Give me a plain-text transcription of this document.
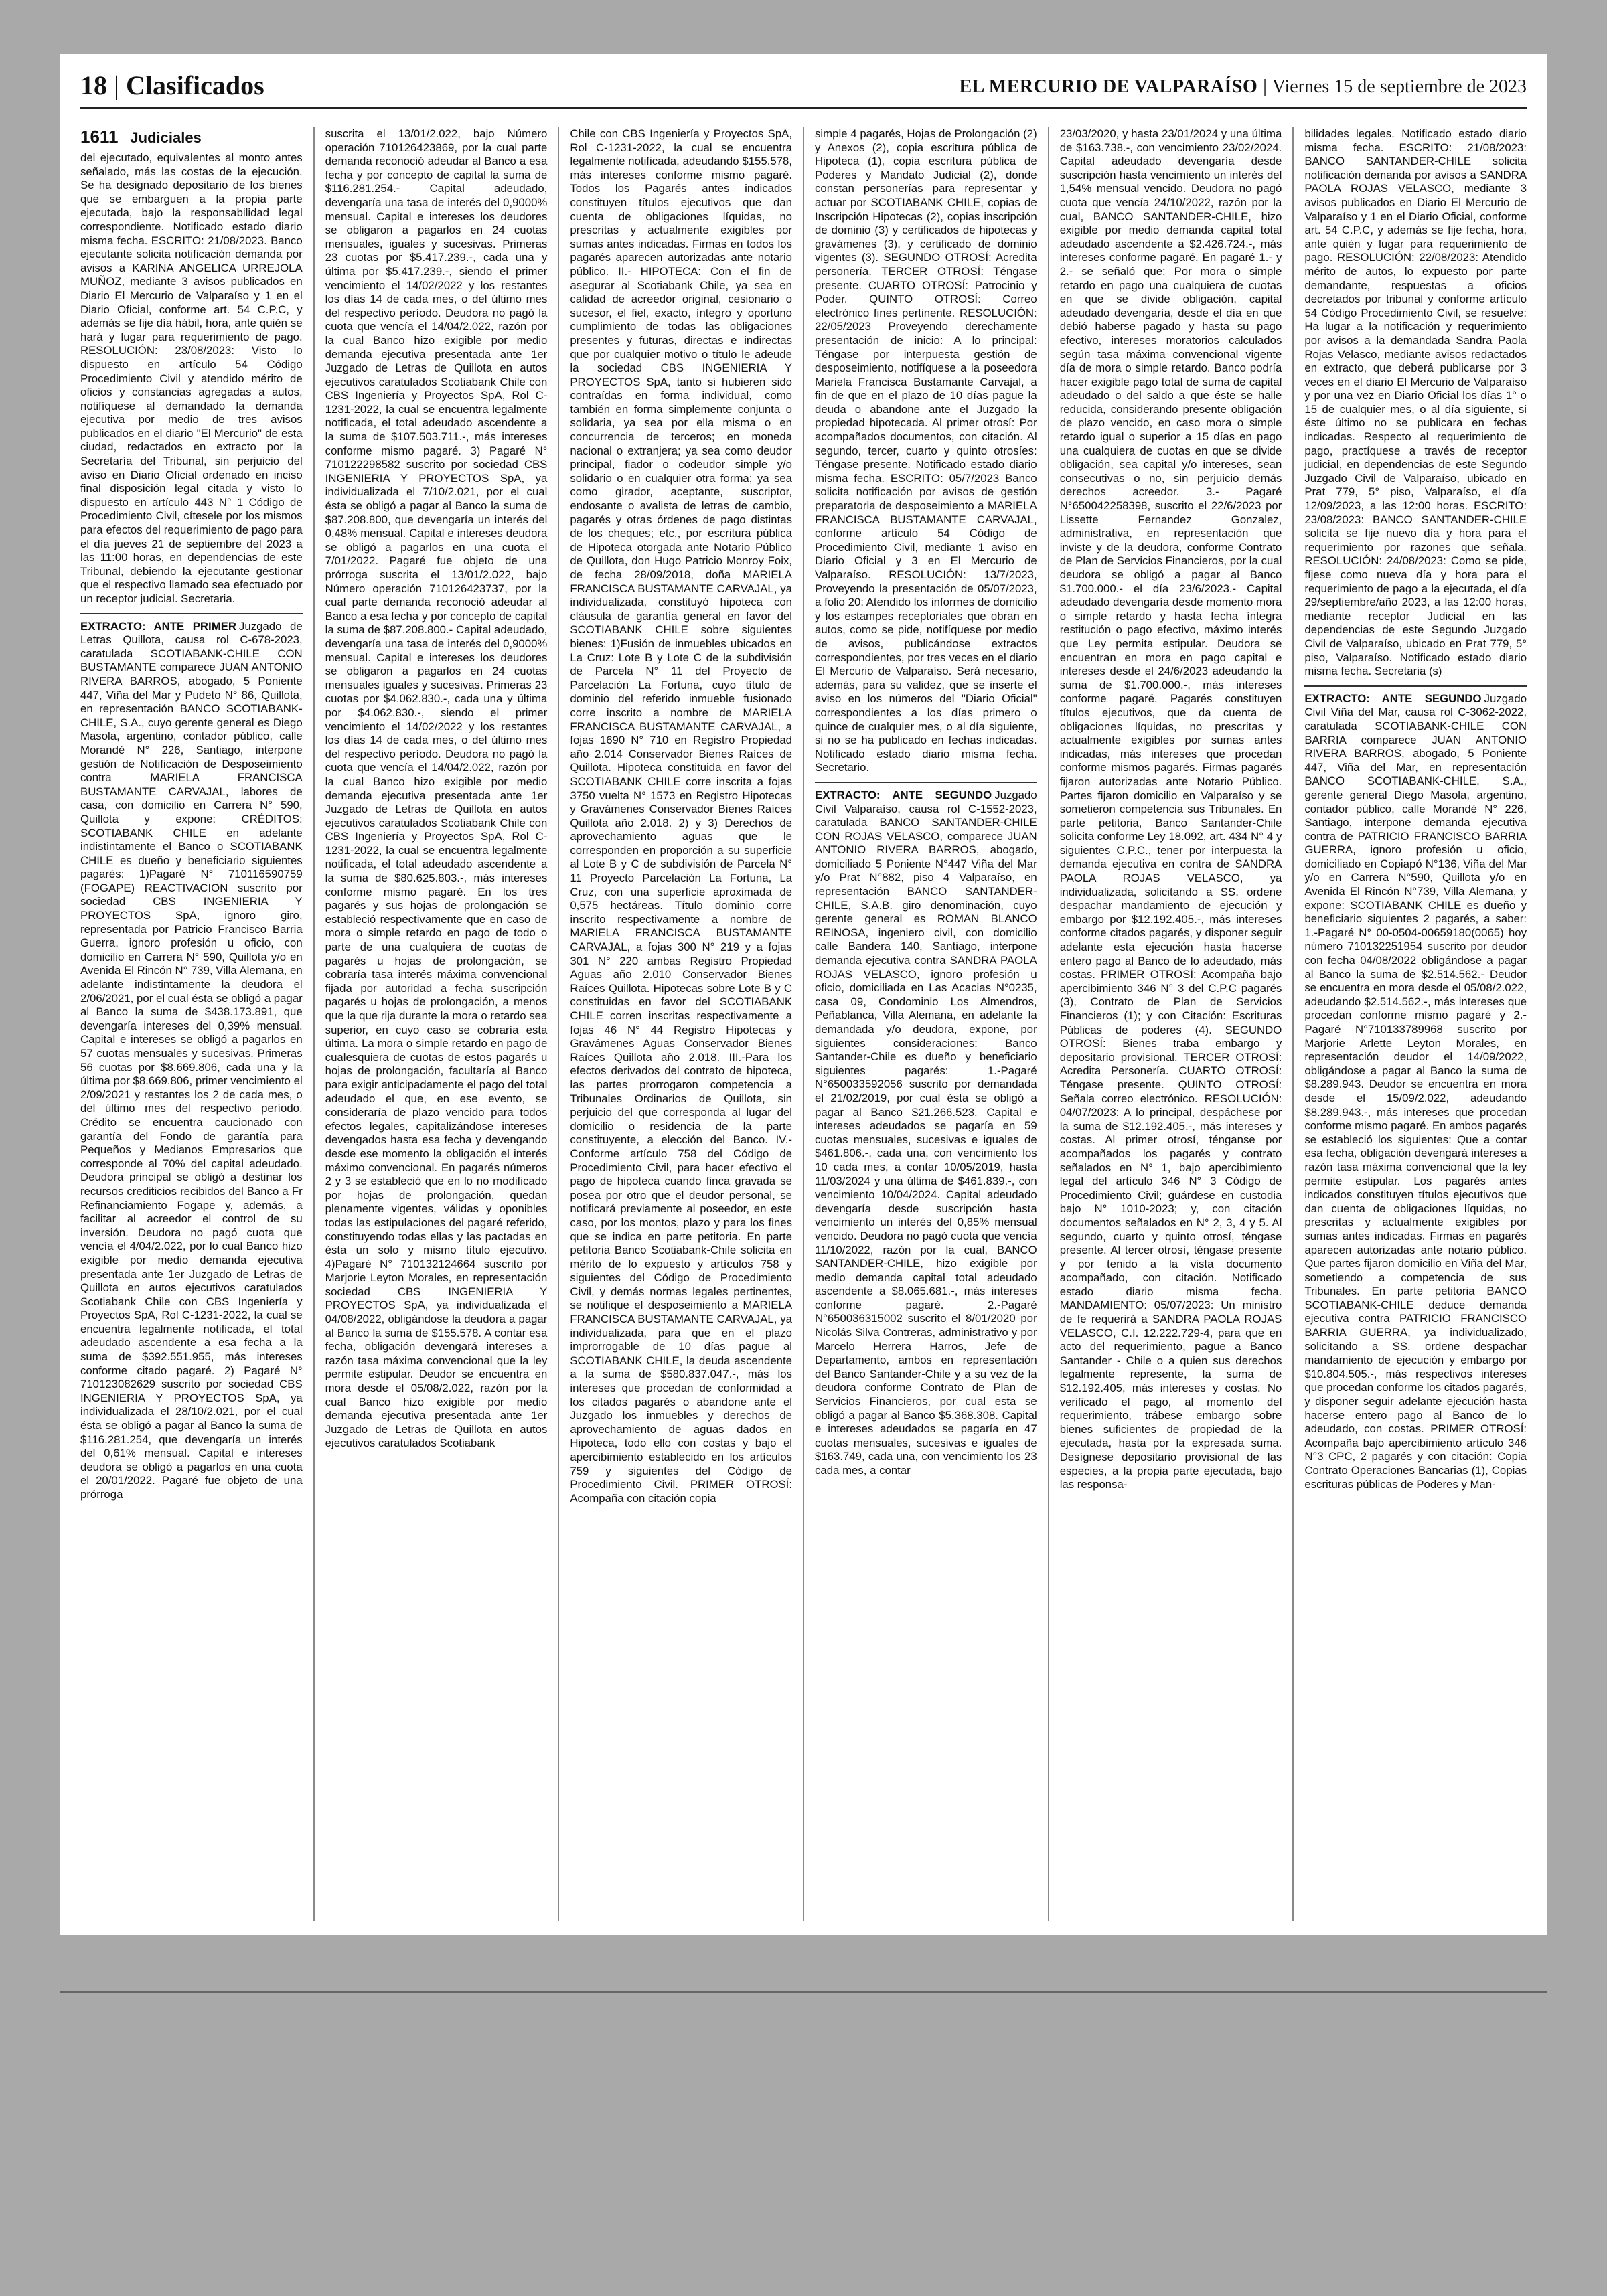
18 | Clasificados	EL MERCURIO DE VALPARAÍSO | Viernes 15 de septiembre de 2023
1611 Judiciales

del ejecutado, equivalentes al monto antes señalado, más las costas de la ejecución. Se ha designado depositario de los bienes que se embarguen a la propia parte ejecutada, bajo la responsabilidad legal correspondiente. Notificado estado diario misma fecha. ESCRITO: 21/08/2023. Banco ejecutante solicita notificación demanda por avisos a KARINA ANGELICA URREJOLA MUÑOZ, mediante 3 avisos publicados en Diario El Mercurio de Valparaíso y 1 en el Diario Oficial, conforme art. 54 C.P.C, y además se fije día hábil, hora, ante quién se hará y lugar para requerimiento de pago. RESOLUCIÓN: 23/08/2023: Visto lo dispuesto en artículo 54 Código Procedimiento Civil y atendido mérito de oficios y constancias agregadas a autos, notifíquese al demandado la demanda ejecutiva por medio de tres avisos publicados en el diario "El Mercurio" de esta ciudad, redactados en extracto por la Secretaría del Tribunal, sin perjuicio del aviso en Diario Oficial ordenado en inciso final disposición legal citada y visto lo dispuesto en artículo 443 N° 1 Código de Procedimiento Civil, cítesele por los mismos para efectos del requerimiento de pago para el día jueves 21 de septiembre del 2023 a las 11:00 horas, en dependencias de este Tribunal, debiendo la ejecutante gestionar que el respectivo llamado sea efectuado por un receptor judicial. Secretaria.

EXTRACTO: ANTE PRIMER Juzgado de Letras Quillota, causa rol C-678-2023, caratulada SCOTIABANK-CHILE CON BUSTAMANTE comparece JUAN ANTONIO RIVERA BARROS, abogado, 5 Poniente 447, Viña del Mar y Pudeto N° 86, Quillota, en representación BANCO SCOTIABANK-CHILE, S.A., cuyo gerente general es Diego Masola, argentino, contador público, calle Morandé N° 226, Santiago, interpone gestión de Notificación de Desposeimiento contra MARIELA FRANCISCA BUSTAMANTE CARVAJAL, labores de casa, con domicilio en Carrera N° 590, Quillota y expone: CRÉDITOS: SCOTIABANK CHILE en adelante indistintamente el Banco o SCOTIABANK CHILE es dueño y beneficiario siguientes pagarés: 1)Pagaré N° 710116590759 (FOGAPE) REACTIVACION suscrito por sociedad CBS INGENIERIA Y PROYECTOS SpA, ignoro giro, representada por Patricio Francisco Barria Guerra, ignoro profesión u oficio, con domicilio en Carrera N° 590, Quillota y/o en Avenida El Rincón N° 739, Villa Alemana, en adelante indistintamente la deudora el 2/06/2021, por el cual ésta se obligó a pagar al Banco la suma de $438.173.891, que devengaría intereses del 0,39% mensual. Capital e intereses se obligó a pagarlos en 57 cuotas mensuales y sucesivas. Primeras 56 cuotas por $8.669.806, cada una y la última por $8.669.806, primer vencimiento el 2/09/2021 y restantes los 2 de cada mes, o del último mes del respectivo período. Crédito se encuentra caucionado con garantía del Fondo de garantía para Pequeños y Medianos Empresarios que corresponde al 70% del capital adeudado. Deudora principal se obligó a destinar los recursos crediticios recibidos del Banco a Fr Refinanciamiento Fogape y, además, a facilitar al acreedor el control de su inversión. Deudora no pagó cuota que vencía el 4/04/2.022, por lo cual Banco hizo exigible por medio demanda ejecutiva presentada ante 1er Juzgado de Letras de Quillota en autos ejecutivos caratulados Scotiabank Chile con CBS Ingeniería y Proyectos SpA, Rol C-1231-2022, la cual se encuentra legalmente notificada, el total adeudado ascendente a esa fecha a la suma de $392.551.955, más intereses conforme citado pagaré. 2) Pagaré N° 710123082629 suscrito por sociedad CBS INGENIERIA Y PROYECTOS SpA, ya individualizada el 28/10/2.021, por el cual ésta se obligó a pagar al Banco la suma de $116.281.254, que devengaría un interés del 0,61% mensual. Capital e intereses deudora se obligó a pagarlos en una cuota el 20/01/2022. Pagaré fue objeto de una prórroga

suscrita el 13/01/2.022, bajo Número operación 710126423869, por la cual parte demanda reconoció adeudar al Banco a esa fecha y por concepto de capital la suma de $116.281.254.- Capital adeudado, devengaría una tasa de interés del 0,9000% mensual. Capital e intereses los deudores se obligaron a pagarlos en 24 cuotas mensuales, iguales y sucesivas. Primeras 23 cuotas por $5.417.239.-, cada una y última por $5.417.239.-, siendo el primer vencimiento el 14/02/2022 y los restantes los días 14 de cada mes, o del último mes del respectivo período. Deudora no pagó la cuota que vencía el 14/04/2.022, razón por la cual Banco hizo exigible por medio demanda ejecutiva presentada ante 1er Juzgado de Letras de Quillota en autos ejecutivos caratulados Scotiabank Chile con CBS Ingeniería y Proyectos SpA, Rol C-1231-2022, la cual se encuentra legalmente notificada, el total adeudado ascendente a la suma de $107.503.711.-, más intereses conforme mismo pagaré. 3) Pagaré N° 710122298582 suscrito por sociedad CBS INGENIERIA Y PROYECTOS SpA, ya individualizada el 7/10/2.021, por el cual ésta se obligó a pagar al Banco la suma de $87.208.800, que devengaría un interés del 0,48% mensual. Capital e intereses deudora se obligó a pagarlos en una cuota el 7/01/2022. Pagaré fue objeto de una prórroga suscrita el 13/01/2.022, bajo Número operación 710126423737, por la cual parte demanda reconoció adeudar al Banco a esa fecha y por concepto de capital la suma de $87.208.800.- Capital adeudado, devengaría una tasa de interés del 0,9000% mensual. Capital e intereses los deudores se obligaron a pagarlos en 24 cuotas mensuales iguales y sucesivas. Primeras 23 cuotas por $4.062.830.-, cada una y última por $4.062.830.-, siendo el primer vencimiento el 14/02/2022 y los restantes los días 14 de cada mes, o del último mes del respectivo período. Deudora no pagó la cuota que vencía el 14/04/2.022, razón por la cual Banco hizo exigible por medio demanda ejecutiva presentada ante 1er Juzgado de Letras de Quillota en autos ejecutivos caratulados Scotiabank Chile con CBS Ingeniería y Proyectos SpA, Rol C-1231-2022, la cual se encuentra legalmente notificada, el total adeudado ascendente a la suma de $80.625.803.-, más intereses conforme mismo pagaré. En los tres pagarés y sus hojas de prolongación se estableció respectivamente que en caso de mora o simple retardo en pago de todo o parte de una cualquiera de cuotas de pagarés u hojas de prolongación, se cobraría tasa interés máxima convencional fijada por autoridad a fecha suscripción pagarés u hojas de prolongación, a menos que la que rija durante la mora o retardo sea superior, en cuyo caso se cobraría esta última. La mora o simple retardo en pago de cualesquiera de cuotas de estos pagarés u hojas de prolongación, facultaría al Banco para exigir anticipadamente el pago del total adeudado el que, en ese evento, se consideraría de plazo vencido para todos efectos legales, capitalizándose intereses devengados hasta esa fecha y devengando desde ese momento la obligación el interés máximo convencional. En pagarés números 2 y 3 se estableció que en lo no modificado por hojas de prolongación, quedan plenamente vigentes, válidas y oponibles todas las estipulaciones del pagaré referido, constituyendo todas ellas y las pactadas en ésta un solo y mismo título ejecutivo. 4)Pagaré N° 710132124664 suscrito por Marjorie Leyton Morales, en representación sociedad CBS INGENIERIA Y PROYECTOS SpA, ya individualizada el 04/08/2022, obligándose la deudora a pagar al Banco la suma de $155.578. A contar esa fecha, obligación devengará intereses a razón tasa máxima convencional que la ley permite estipular. Deudor se encuentra en mora desde el 05/08/2.022, razón por la cual Banco hizo exigible por medio demanda ejecutiva presentada ante 1er Juzgado de Letras de Quillota en autos ejecutivos caratulados Scotiabank

Chile con CBS Ingeniería y Proyectos SpA, Rol C-1231-2022, la cual se encuentra legalmente notificada, adeudando $155.578, más intereses conforme mismo pagaré. Todos los Pagarés antes indicados constituyen títulos ejecutivos que dan cuenta de obligaciones líquidas, no prescritas y actualmente exigibles por sumas antes indicadas. Firmas en todos los pagarés aparecen autorizadas ante notario público. II.- HIPOTECA: Con el fin de asegurar al Scotiabank Chile, ya sea en calidad de acreedor original, cesionario o sucesor, el fiel, exacto, íntegro y oportuno cumplimiento de todas las obligaciones presentes y futuras, directas e indirectas que por cualquier motivo o título le adeude la sociedad CBS INGENIERIA Y PROYECTOS SpA, tanto si hubieren sido contraídas en forma individual, como también en forma simplemente conjunta o solidaria, ya sea por ella misma o en concurrencia de terceros; en moneda nacional o extranjera; ya sea como deudor principal, fiador o codeudor simple y/o solidario o en cualquier otra forma; ya sea como girador, aceptante, suscriptor, endosante o avalista de letras de cambio, pagarés y otras órdenes de pago distintas de los cheques; etc., por escritura pública de Hipoteca otorgada ante Notario Público de Quillota, don Hugo Patricio Monroy Foix, de fecha 28/09/2018, doña MARIELA FRANCISCA BUSTAMANTE CARVAJAL, ya individualizada, constituyó hipoteca con cláusula de garantía general en favor del SCOTIABANK CHILE sobre siguientes bienes: 1)Fusión de inmuebles ubicados en La Cruz: Lote B y Lote C de la subdivisión de Parcela N° 11 del Proyecto de Parcelación La Fortuna, cuyo título de dominio del referido inmueble fusionado corre inscrito a nombre de MARIELA FRANCISCA BUSTAMANTE CARVAJAL, a fojas 1690 N° 710 en Registro Propiedad año 2.014 Conservador Bienes Raíces de Quillota. Hipoteca constituida en favor del SCOTIABANK CHILE corre inscrita a fojas 3750 vuelta N° 1573 en Registro Hipotecas y Gravámenes Conservador Bienes Raíces Quillota año 2.018. 2) y 3) Derechos de aprovechamiento aguas que le corresponden en proporción a su superficie al Lote B y C de subdivisión de Parcela N° 11 Proyecto Parcelación La Fortuna, La Cruz, con una superficie aproximada de 0,575 hectáreas. Título dominio corre inscrito respectivamente a nombre de MARIELA FRANCISCA BUSTAMANTE CARVAJAL, a fojas 300 N° 219 y a fojas 301 N° 220 ambas Registro Propiedad Aguas año 2.010 Conservador Bienes Raíces Quillota. Hipotecas sobre Lote B y C constituidas en favor del SCOTIABANK CHILE corren inscritas respectivamente a fojas 46 N° 44 Registro Hipotecas y Gravámenes Aguas Conservador Bienes Raíces Quillota año 2.018. III.-Para los efectos derivados del contrato de hipoteca, las partes prorrogaron competencia a Tribunales Ordinarios de Quillota, sin perjuicio del que corresponda al lugar del domicilio o residencia de la parte constituyente, a elección del Banco. IV.-Conforme artículo 758 del Código de Procedimiento Civil, para hacer efectivo el pago de hipoteca cuando finca gravada se posea por otro que el deudor personal, se notificará previamente al poseedor, en este caso, por los montos, plazo y para los fines que se indica en parte petitoria. En parte petitoria Banco Scotiabank-Chile solicita en mérito de lo expuesto y artículos 758 y siguientes del Código de Procedimiento Civil, y demás normas legales pertinentes, se notifique el desposeimiento a MARIELA FRANCISCA BUSTAMANTE CARVAJAL, ya individualizada, para que en el plazo improrrogable de 10 días pague al SCOTIABANK CHILE, la deuda ascendente a la suma de $580.837.047.-, más los intereses que procedan de conformidad a los citados pagarés o abandone ante el Juzgado los inmuebles y derechos de aprovechamiento de aguas dados en Hipoteca, todo ello con costas y bajo el apercibimiento establecido en los artículos 759 y siguientes del Código de Procedimiento Civil. PRIMER OTROSÍ: Acompaña con citación copia

simple 4 pagarés, Hojas de Prolongación (2) y Anexos (2), copia escritura pública de Hipoteca (1), copia escritura pública de Poderes y Mandato Judicial (2), donde constan personerías para representar y actuar por SCOTIABANK CHILE, copias de Inscripción Hipotecas (2), copias inscripción de dominio (3) y certificados de hipotecas y gravámenes (3), y certificado de dominio vigentes (3). SEGUNDO OTROSÍ: Acredita personería. TERCER OTROSÍ: Téngase presente. CUARTO OTROSÍ: Patrocinio y Poder. QUINTO OTROSÍ: Correo electrónico fines pertinente. RESOLUCIÓN: 22/05/2023 Proveyendo derechamente presentación de inicio: A lo principal: Téngase por interpuesta gestión de desposeimiento, notifíquese a la poseedora Mariela Francisca Bustamante Carvajal, a fin de que en el plazo de 10 días pague la deuda o abandone ante el Juzgado la propiedad hipotecada. Al primer otrosí: Por acompañados documentos, con citación. Al segundo, tercer, cuarto y quinto otrosíes: Téngase presente. Notificado estado diario misma fecha. ESCRITO: 05/7/2023 Banco solicita notificación por avisos de gestión preparatoria de desposeimiento a MARIELA FRANCISCA BUSTAMANTE CARVAJAL, conforme artículo 54 Código de Procedimiento Civil, mediante 1 aviso en Diario Oficial y 3 en El Mercurio de Valparaíso. RESOLUCIÓN: 13/7/2023, Proveyendo la presentación de 05/07/2023, a folio 20: Atendido los informes de domicilio y los estampes receptoriales que obran en autos, como se pide, notifíquese por medio de avisos, publicándose extractos correspondientes, por tres veces en el diario El Mercurio de Valparaíso. Será necesario, además, para su validez, que se inserte el aviso en los números del "Diario Oficial" correspondientes a los días primero o quince de cualquier mes, o al día siguiente, si no se ha publicado en fechas indicadas. Notificado estado diario misma fecha. Secretario.

EXTRACTO: ANTE SEGUNDO Juzgado Civil Valparaíso, causa rol C-1552-2023, caratulada BANCO SANTANDER-CHILE CON ROJAS VELASCO, comparece JUAN ANTONIO RIVERA BARROS, abogado, domiciliado 5 Poniente N°447 Viña del Mar y/o Prat N°882, piso 4 Valparaíso, en representación BANCO SANTANDER-CHILE, S.A.B. giro denominación, cuyo gerente general es ROMAN BLANCO REINOSA, ingeniero civil, con domicilio calle Bandera 140, Santiago, interpone demanda ejecutiva contra SANDRA PAOLA ROJAS VELASCO, ignoro profesión u oficio, domiciliada en Las Acacias N°0235, casa 09, Condominio Los Almendros, Peñablanca, Villa Alemana, en adelante la demandada y/o deudora, expone, por siguientes consideraciones: Banco Santander-Chile es dueño y beneficiario siguientes pagarés: 1.-Pagaré N°650033592056 suscrito por demandada el 21/02/2019, por cual ésta se obligó a pagar al Banco $21.266.523. Capital e intereses adeudados se pagaría en 59 cuotas mensuales, sucesivas e iguales de $461.806.-, cada una, con vencimiento los 10 cada mes, a contar 10/05/2019, hasta 11/03/2024 y una última de $461.839.-, con vencimiento 10/04/2024. Capital adeudado devengaría desde suscripción hasta vencimiento un interés del 0,85% mensual vencido. Deudora no pagó cuota que vencía 11/10/2022, razón por la cual, BANCO SANTANDER-CHILE, hizo exigible por medio demanda capital total adeudado ascendente a $8.065.681.-, más intereses conforme pagaré. 2.-Pagaré N°650036315002 suscrito el 8/01/2020 por Nicolás Silva Contreras, administrativo y por Marcelo Herrera Harros, Jefe de Departamento, ambos en representación del Banco Santander-Chile y a su vez de la deudora conforme Contrato de Plan de Servicios Financieros, por cual esta se obligó a pagar al Banco $5.368.308. Capital e intereses adeudados se pagaría en 47 cuotas mensuales, sucesivas e iguales de $163.749, cada una, con vencimiento los 23 cada mes, a contar

23/03/2020, y hasta 23/01/2024 y una última de $163.738.-, con vencimiento 23/02/2024. Capital adeudado devengaría desde suscripción hasta vencimiento un interés del 1,54% mensual vencido. Deudora no pagó cuota que vencía 24/10/2022, razón por la cual, BANCO SANTANDER-CHILE, hizo exigible por medio demanda capital total adeudado ascendente a $2.426.724.-, más intereses conforme pagaré. En pagaré 1.- y 2.- se señaló que: Por mora o simple retardo en pago una cualquiera de cuotas en que se divide obligación, capital adeudado devengaría, desde el día en que debió haberse pagado y hasta su pago efectivo, intereses moratorios calculados según tasa máxima convencional vigente día de mora o simple retardo. Banco podría hacer exigible pago total de suma de capital adeudado o del saldo a que éste se halle reducida, considerando presente obligación de plazo vencido, en caso mora o simple retardo igual o superior a 15 días en pago una cualquiera de cuotas en que se divide obligación, sea capital y/o intereses, sean consecutivas o no, sin perjuicio demás derechos acreedor. 3.- Pagaré N°650042258398, suscrito el 22/6/2023 por Lissette Fernandez Gonzalez, administrativa, en representación que inviste y de la deudora, conforme Contrato de Plan de Servicios Financieros, por la cual deudora se obligó a pagar al Banco $1.700.000.- el día 23/6/2023.- Capital adeudado devengaría desde momento mora o simple retardo y hasta fecha íntegra restitución o pago efectivo, máximo interés que Ley permita estipular. Deudora se encuentran en mora en pago capital e intereses desde el 24/6/2023 adeudando la suma de $1.700.000.-, más intereses conforme pagaré. Pagarés constituyen títulos ejecutivos, que da cuenta de obligaciones líquidas, no prescritas y actualmente exigibles por sumas antes indicadas, más intereses que procedan conforme mismos pagarés. Firmas pagarés fijaron autorizadas ante Notario Público. Partes fijaron domicilio en Valparaíso y se sometieron competencia sus Tribunales. En parte petitoria, Banco Santander-Chile solicita conforme Ley 18.092, art. 434 N° 4 y siguientes C.P.C., tener por interpuesta la demanda ejecutiva en contra de SANDRA PAOLA ROJAS VELASCO, ya individualizada, solicitando a SS. ordene despachar mandamiento de ejecución y embargo por $12.192.405.-, más intereses conforme citados pagarés, y disponer seguir adelante esta ejecución hasta hacerse entero pago al Banco de lo adeudado, más costas. PRIMER OTROSÍ: Acompaña bajo apercibimiento 346 N° 3 del C.P.C pagarés (3), Contrato de Plan de Servicios Financieros (1); y con Citación: Escrituras Públicas de poderes (4). SEGUNDO OTROSÍ: Bienes traba embargo y depositario provisional. TERCER OTROSÍ: Acredita Personería. CUARTO OTROSÍ: Téngase presente. QUINTO OTROSÍ: Señala correo electrónico. RESOLUCIÓN: 04/07/2023: A lo principal, despáchese por la suma de $12.192.405.-, más intereses y costas. Al primer otrosí, ténganse por acompañados los pagarés y contrato señalados en N° 1, bajo apercibimiento legal del artículo 346 N° 3 Código de Procedimiento Civil; guárdese en custodia bajo N° 1010-2023; y, con citación documentos señalados en N° 2, 3, 4 y 5. Al segundo, cuarto y quinto otrosí, téngase presente. Al tercer otrosí, téngase presente y por tenido a la vista documento acompañado, con citación. Notificado estado diario misma fecha. MANDAMIENTO: 05/07/2023: Un ministro de fe requerirá a SANDRA PAOLA ROJAS VELASCO, C.I. 12.222.729-4, para que en acto del requerimiento, pague a Banco Santander - Chile o a quien sus derechos legalmente represente, la suma de $12.192.405, más intereses y costas. No verificado el pago, al momento del requerimiento, trábese embargo sobre bienes suficientes de propiedad de la ejecutada, hasta por la expresada suma. Desígnese depositario provisional de las especies, a la propia parte ejecutada, bajo las responsa-

bilidades legales. Notificado estado diario misma fecha. ESCRITO: 21/08/2023: BANCO SANTANDER-CHILE solicita notificación demanda por avisos a SANDRA PAOLA ROJAS VELASCO, mediante 3 avisos publicados en Diario El Mercurio de Valparaíso y 1 en el Diario Oficial, conforme art. 54 C.P.C, y además se fije fecha, hora, ante quién y lugar para requerimiento de pago. RESOLUCIÓN: 22/08/2023: Atendido mérito de autos, lo expuesto por parte demandante, respuestas a oficios decretados por tribunal y conforme artículo 54 Código Procedimiento Civil, se resuelve: Ha lugar a la notificación y requerimiento por avisos a la demandada Sandra Paola Rojas Velasco, mediante avisos redactados en extracto, que deberá publicarse por 3 veces en el diario El Mercurio de Valparaíso y por una vez en Diario Oficial los días 1° o 15 de cualquier mes, o al día siguiente, si éste último no se publicara en fechas indicadas. Respecto al requerimiento de pago, practíquese a través de receptor judicial, en dependencias de este Segundo Juzgado Civil de Valparaíso, ubicado en Prat 779, 5° piso, Valparaíso, el día 12/09/2023, a las 12:00 horas. ESCRITO: 23/08/2023: BANCO SANTANDER-CHILE solicita se fije nuevo día y hora para el requerimiento por razones que señala. RESOLUCIÓN: 24/08/2023: Como se pide, fíjese como nueva día y hora para el requerimiento de pago a la ejecutada, el día 29/septiembre/año 2023, a las 12:00 horas, mediante receptor Judicial en las dependencias de este Segundo Juzgado Civil de Valparaíso, ubicado en Prat 779, 5° piso, Valparaíso. Notificado estado diario misma fecha. Secretaria (s)

EXTRACTO: ANTE SEGUNDO Juzgado Civil Viña del Mar, causa rol C-3062-2022, caratulada SCOTIABANK-CHILE CON BARRIA comparece JUAN ANTONIO RIVERA BARROS, abogado, 5 Poniente 447, Viña del Mar, en representación BANCO SCOTIABANK-CHILE, S.A., gerente general Diego Masola, argentino, contador público, calle Morandé N° 226, Santiago, interpone demanda ejecutiva contra de PATRICIO FRANCISCO BARRIA GUERRA, ignoro profesión u oficio, domiciliado en Copiapó N°136, Viña del Mar y/o en Carrera N°590, Quillota y/o en Avenida El Rincón N°739, Villa Alemana, y expone: SCOTIABANK CHILE es dueño y beneficiario siguientes 2 pagarés, a saber: 1.-Pagaré N° 00-0504-00659180(0065) hoy número 710132251954 suscrito por deudor con fecha 04/08/2022 obligándose a pagar al Banco la suma de $2.514.562.- Deudor se encuentra en mora desde el 05/08/2.022, adeudando $2.514.562.-, más intereses que procedan conforme mismo pagaré y 2.-Pagaré N°710133789968 suscrito por Marjorie Arlette Leyton Morales, en representación deudor el 14/09/2022, obligándose a pagar al Banco la suma de $8.289.943. Deudor se encuentra en mora desde el 15/09/2.022, adeudando $8.289.943.-, más intereses que procedan conforme mismo pagaré. En ambos pagarés se estableció los siguientes: Que a contar esa fecha, obligación devengará intereses a razón tasa máxima convencional que la ley permite estipular. Los pagarés antes indicados constituyen títulos ejecutivos que dan cuenta de obligaciones líquidas, no prescritas y actualmente exigibles por sumas antes indicadas. Firmas en pagarés aparecen autorizadas ante notario público. Que partes fijaron domicilio en Viña del Mar, sometiendo a competencia de sus Tribunales. En parte petitoria BANCO SCOTIABANK-CHILE deduce demanda ejecutiva contra PATRICIO FRANCISCO BARRIA GUERRA, ya individualizado, solicitando a SS. ordene despachar mandamiento de ejecución y embargo por $10.804.505.-, más respectivos intereses que procedan conforme los citados pagarés, y disponer seguir adelante ejecución hasta hacerse entero pago al Banco de lo adeudado, con costas. PRIMER OTROSÍ: Acompaña bajo apercibimiento artículo 346 N°3 CPC, 2 pagarés y con citación: Copia Contrato Operaciones Bancarias (1), Copias escrituras públicas de Poderes y Man-
